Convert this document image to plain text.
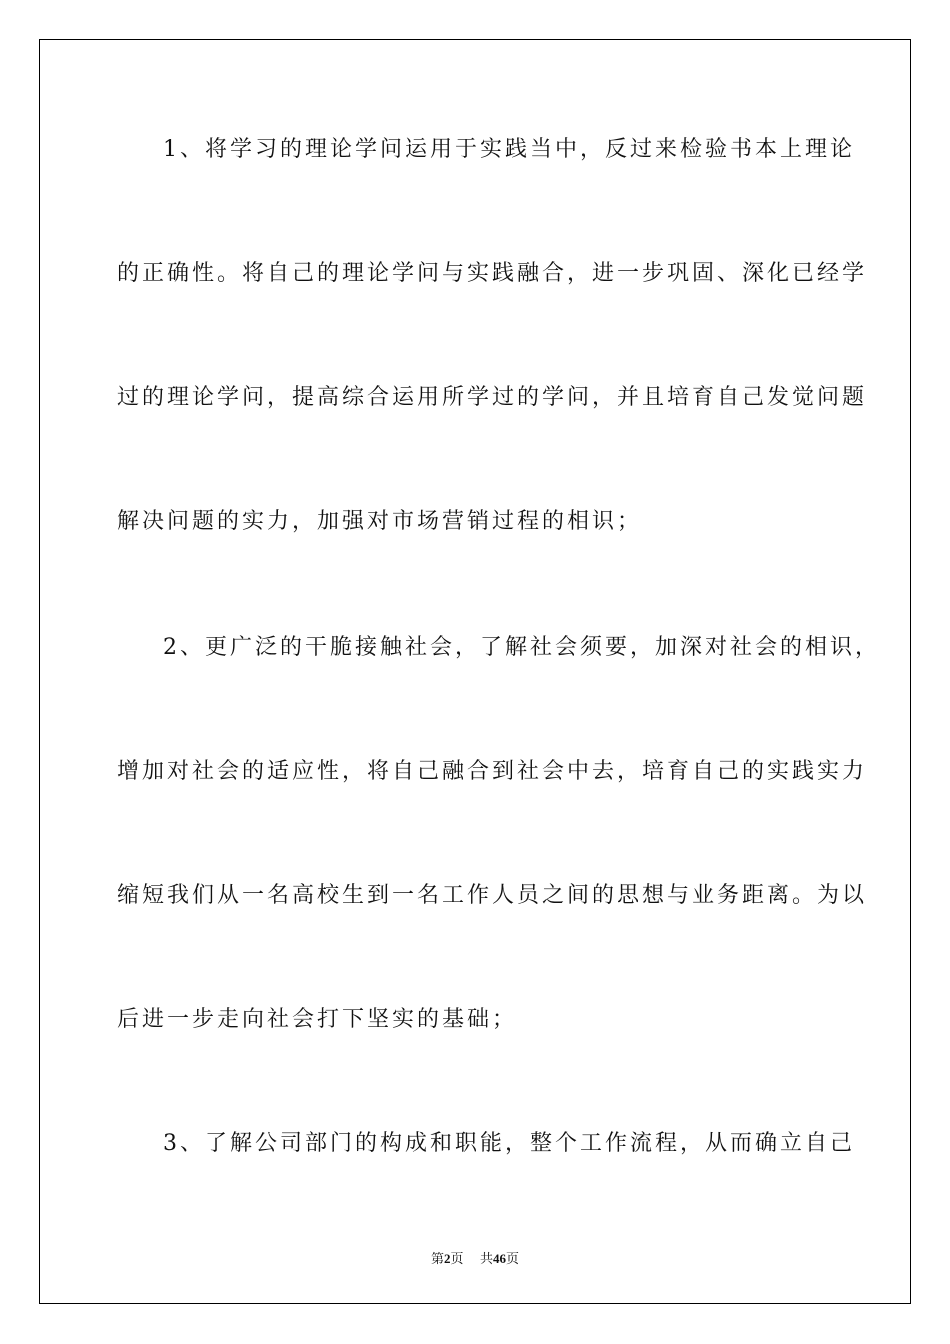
1、将学习的理论学问运用于实践当中，反过来检验书本上理论
的正确性。将自己的理论学问与实践融合，进一步巩固、深化已经学
过的理论学问，提高综合运用所学过的学问，并且培育自己发觉问题
解决问题的实力，加强对市场营销过程的相识；
2、更广泛的干脆接触社会，了解社会须要，加深对社会的相识，
增加对社会的适应性，将自己融合到社会中去，培育自己的实践实力
缩短我们从一名高校生到一名工作人员之间的思想与业务距离。为以
后进一步走向社会打下坚实的基础；
3、了解公司部门的构成和职能，整个工作流程，从而确立自己
第2页 共46页
